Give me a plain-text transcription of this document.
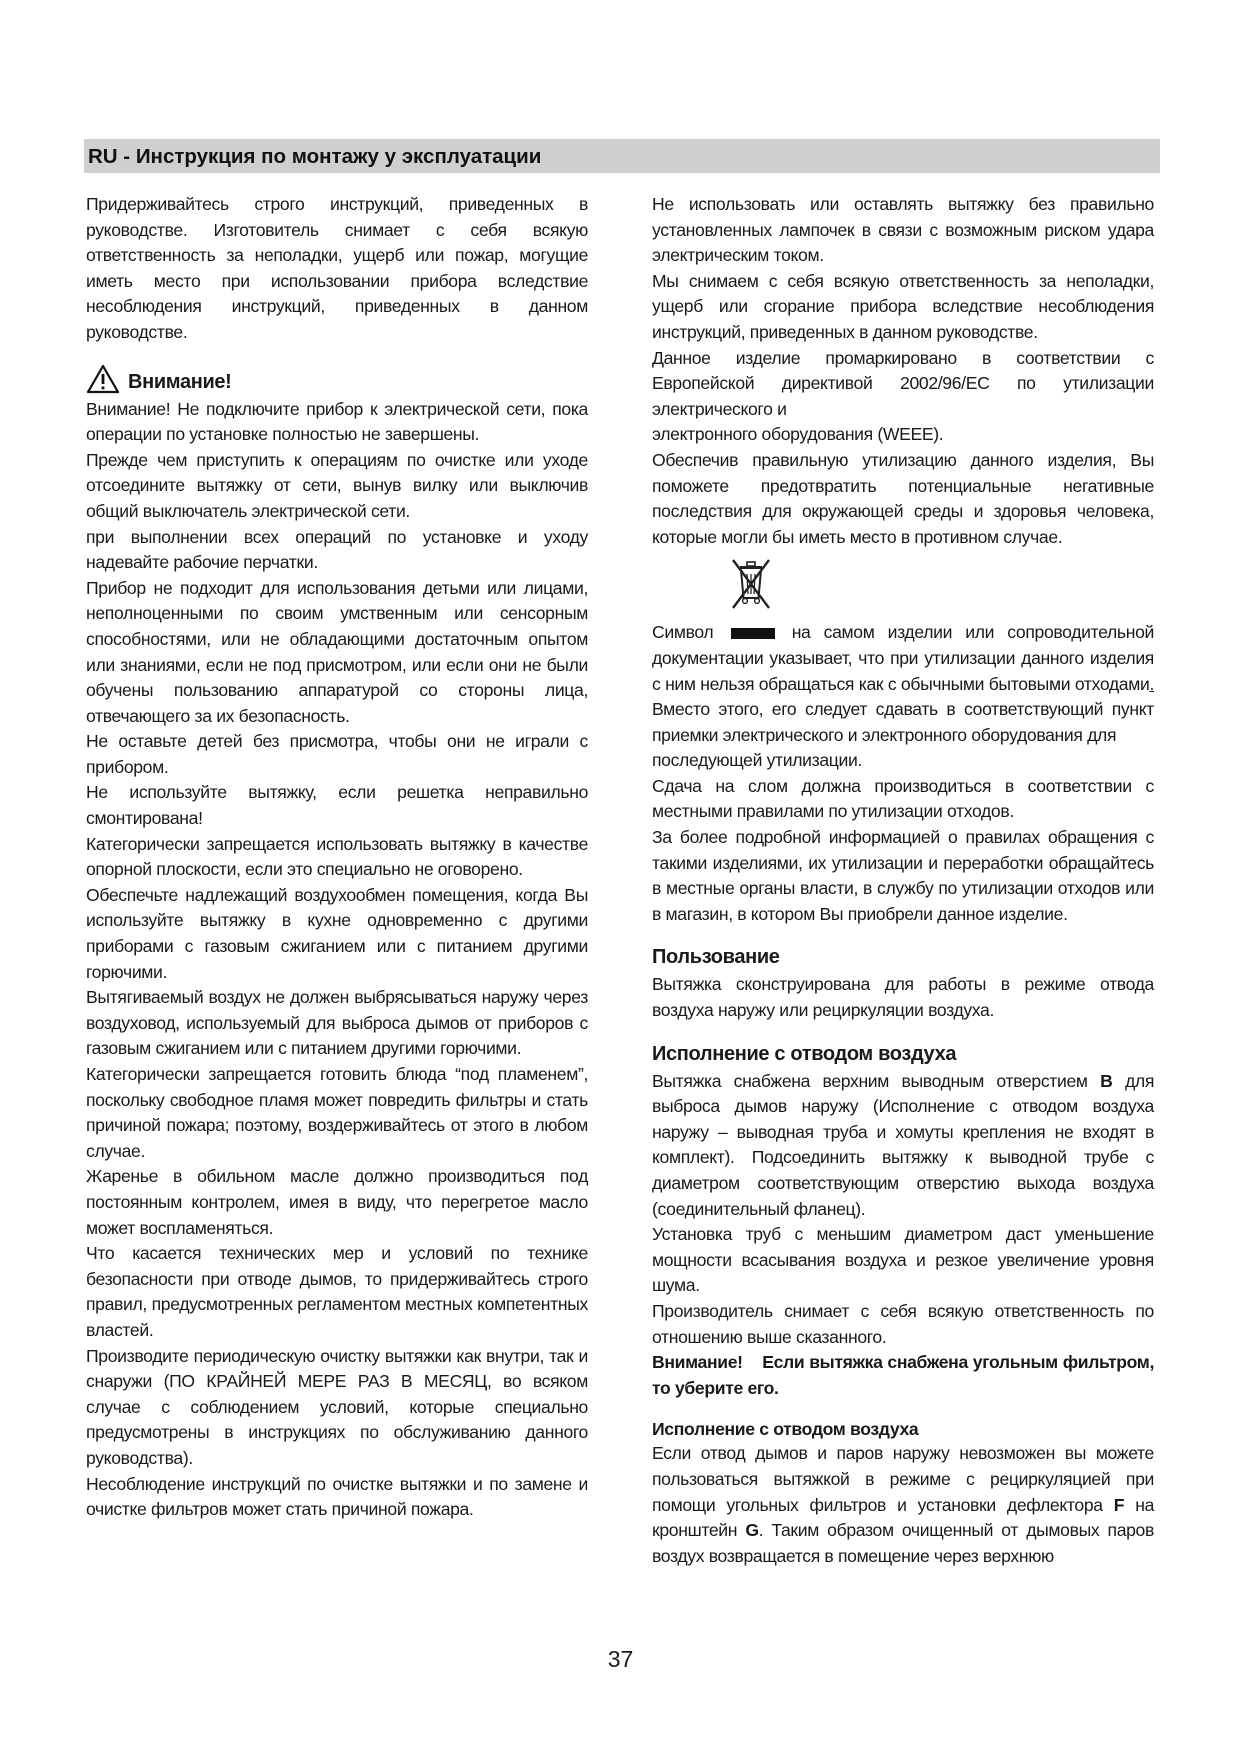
RU - Инструкция по монтажу у эксплуатации

Придерживайтесь строго инструкций, приведенных в руководстве. Изготовитель снимает с себя всякую ответственность за неполадки, ущерб или пожар, могущие иметь место при использовании прибора вследствие несоблюдения инструкций, приведенных в данном руководстве.

Внимание!

Внимание! Не подключите прибор к электрической сети, пока операции по установке полностью не завершены.

Прежде чем приступить к операциям по очистке или уходе отсоедините вытяжку от сети, вынув вилку или выключив общий выключатель электрической сети.

при выполнении всех операций по установке и уходу надевайте рабочие перчатки.

Прибор не подходит для использования детьми или лицами, неполноценными по своим умственным или сенсорным способностями, или не обладающими достаточным опытом или знаниями, если не под присмотром, или если они не были обучены пользованию аппаратурой со стороны лица, отвечающего за их безопасность.

Не оставьте детей без присмотра, чтобы они не играли с прибором.

Не используйте вытяжку, если решетка неправильно смонтирована!

Категорически запрещается использовать вытяжку в качестве опорной плоскости, если это специально не оговорено.

Обеспечьте надлежащий воздухообмен помещения, когда Вы используйте вытяжку в кухне одновременно с другими приборами с газовым сжиганием или с питанием другими горючими.

Вытягиваемый воздух не должен выбрясываться наружу через воздуховод, используемый для выброса дымов от приборов с газовым сжиганием или с питанием другими горючими.

Категорически запрещается готовить блюда “под пламенем”, поскольку свободное пламя может повредить фильтры и стать причиной пожара; поэтому, воздерживайтесь от этого в любом случае.

Жаренье в обильном масле должно производиться под постоянным контролем, имея в виду, что перегретое масло может воспламеняться.

Что касается технических мер и условий по технике безопасности при отводе дымов, то придерживайтесь строго правил, предусмотренных регламентом местных компетентных властей.

Производите периодическую очистку вытяжки как внутри, так и снаружи (ПО КРАЙНЕЙ МЕРЕ РАЗ В МЕСЯЦ, во всяком случае с соблюдением условий, которые специально предусмотрены в инструкциях по обслуживанию данного руководства).

Несоблюдение инструкций по очистке вытяжки и по замене и очистке фильтров может стать причиной пожара.

Не использовать или оставлять вытяжку без правильно установленных лампочек в связи с возможным риском удара электрическим током.

Мы снимаем с себя всякую ответственность за неполадки, ущерб или сгорание прибора вследствие несоблюдения инструкций, приведенных в данном руководстве.

Данное изделие промаркировано в соответствии с Европейской директивой 2002/96/EC по утилизации электрического и

электронного оборудования (WEEE).

Обеспечив правильную утилизацию данного изделия, Вы поможете предотвратить потенциальные негативные последствия для окружающей среды и здоровья человека, которые могли бы иметь место в противном случае.

Символ	на самом изделии или сопроводительной документации указывает, что при утилизации данного изделия с ним нельзя обращаться как с обычными бытовыми отходами. Вместо этого, его следует сдавать в соответствующий пункт приемки электрического и электронного оборудования для

последующей утилизации.

Сдача на слом должна производиться в соответствии с местными правилами по утилизации отходов.

За более подробной информацией о правилах обращения с такими изделиями, их утилизации и переработки обращайтесь в местные органы власти, в службу по утилизации отходов или в магазин, в котором Вы приобрели данное изделие.

Пользование

Вытяжка сконструирована для работы в режиме отвода воздуха наружу или рециркуляции воздуха.

Исполнение с отводом воздуха

Вытяжка снабжена верхним выводным отверстием B для выброса дымов наружу (Исполнение с отводом воздуха наружу – выводная труба и хомуты крепления не входят в комплект). Подсоединить вытяжку к выводной трубе с диаметром соответствующим отверстию выхода воздуха (соединительный фланец).

Установка труб с меньшим диаметром даст уменьшение мощности всасывания воздуха и резкое увеличение уровня шума.

Производитель снимает с себя всякую ответственность по отношению выше сказанного.

Внимание!    Если вытяжка снабжена угольным фильтром, то уберите его.

Исполнение с отводом воздуха

Если отвод дымов и паров наружу невозможен вы можете пользоваться вытяжкой в режиме с рециркуляцией при помощи угольных фильтров и установки дефлектора F на кронштейн G. Таким образом очищенный от дымовых паров воздух возвращается в помещение через верхнюю

37
